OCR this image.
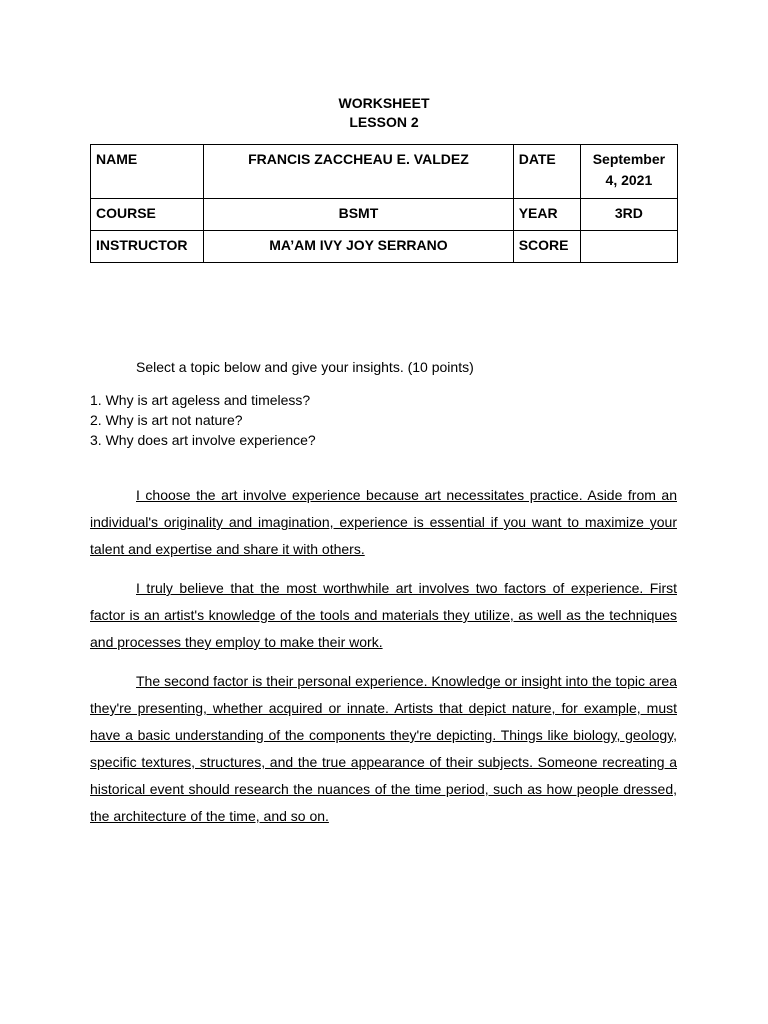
WORKSHEET
LESSON 2
NAME	FRANCIS ZACCHEAU E. VALDEZ	DATE	September 4, 2021
COURSE	BSMT	YEAR	3RD
INSTRUCTOR	MA’AM IVY JOY SERRANO	SCORE	
Select a topic below and give your insights. (10 points)
1. Why is art ageless and timeless?
2. Why is art not nature?
3. Why does art involve experience?

I choose the art involve experience because art necessitates practice. Aside from an individual's originality and imagination, experience is essential if you want to maximize your talent and expertise and share it with others.

I truly believe that the most worthwhile art involves two factors of experience. First factor is an artist's knowledge of the tools and materials they utilize, as well as the techniques and processes they employ to make their work.

The second factor is their personal experience. Knowledge or insight into the topic area they're presenting, whether acquired or innate. Artists that depict nature, for example, must have a basic understanding of the components they're depicting. Things like biology, geology, specific textures, structures, and the true appearance of their subjects. Someone recreating a historical event should research the nuances of the time period, such as how people dressed, the architecture of the time, and so on.
